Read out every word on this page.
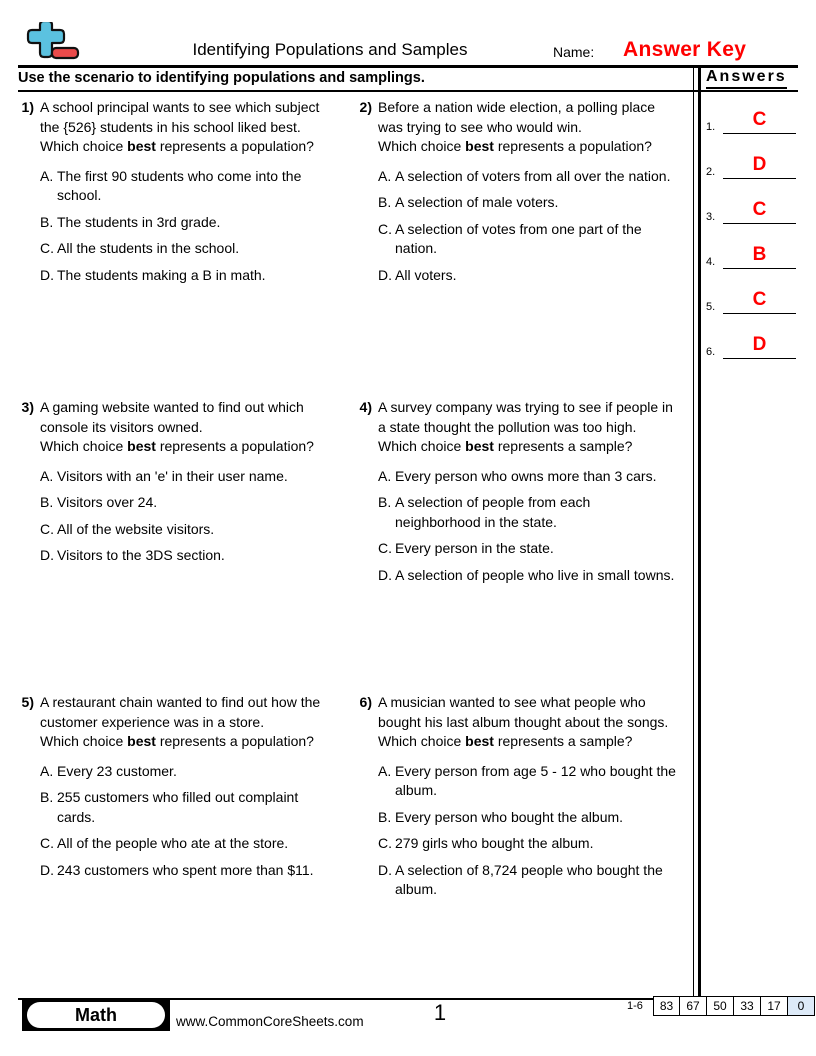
Identifying Populations and Samples	Name: Answer Key
Use the scenario to identifying populations and samplings.	Answers
1.	C
2.	D
3.	C
4.	B
5.	C
6.	D
1) A school principal wants to see which subject the {526} students in his school liked best.
Which choice best represents a population?
A. The first 90 students who come into the school.
B. The students in 3rd grade.
C. All the students in the school.
D. The students making a B in math.
2) Before a nation wide election, a polling place was trying to see who would win.
Which choice best represents a population?
A. A selection of voters from all over the nation.
B. A selection of male voters.
C. A selection of votes from one part of the nation.
D. All voters.
3) A gaming website wanted to find out which console its visitors owned.
Which choice best represents a population?
A. Visitors with an 'e' in their user name.
B. Visitors over 24.
C. All of the website visitors.
D. Visitors to the 3DS section.
4) A survey company was trying to see if people in a state thought the pollution was too high.
Which choice best represents a sample?
A. Every person who owns more than 3 cars.
B. A selection of people from each neighborhood in the state.
C. Every person in the state.
D. A selection of people who live in small towns.
5) A restaurant chain wanted to find out how the customer experience was in a store.
Which choice best represents a population?
A. Every 23 customer.
B. 255 customers who filled out complaint cards.
C. All of the people who ate at the store.
D. 243 customers who spent more than $11.
6) A musician wanted to see what people who bought his last album thought about the songs.
Which choice best represents a sample?
A. Every person from age 5 - 12 who bought the album.
B. Every person who bought the album.
C. 279 girls who bought the album.
D. A selection of 8,724 people who bought the album.
Math	www.CommonCoreSheets.com	1	1-6	83	67	50	33	17	0
